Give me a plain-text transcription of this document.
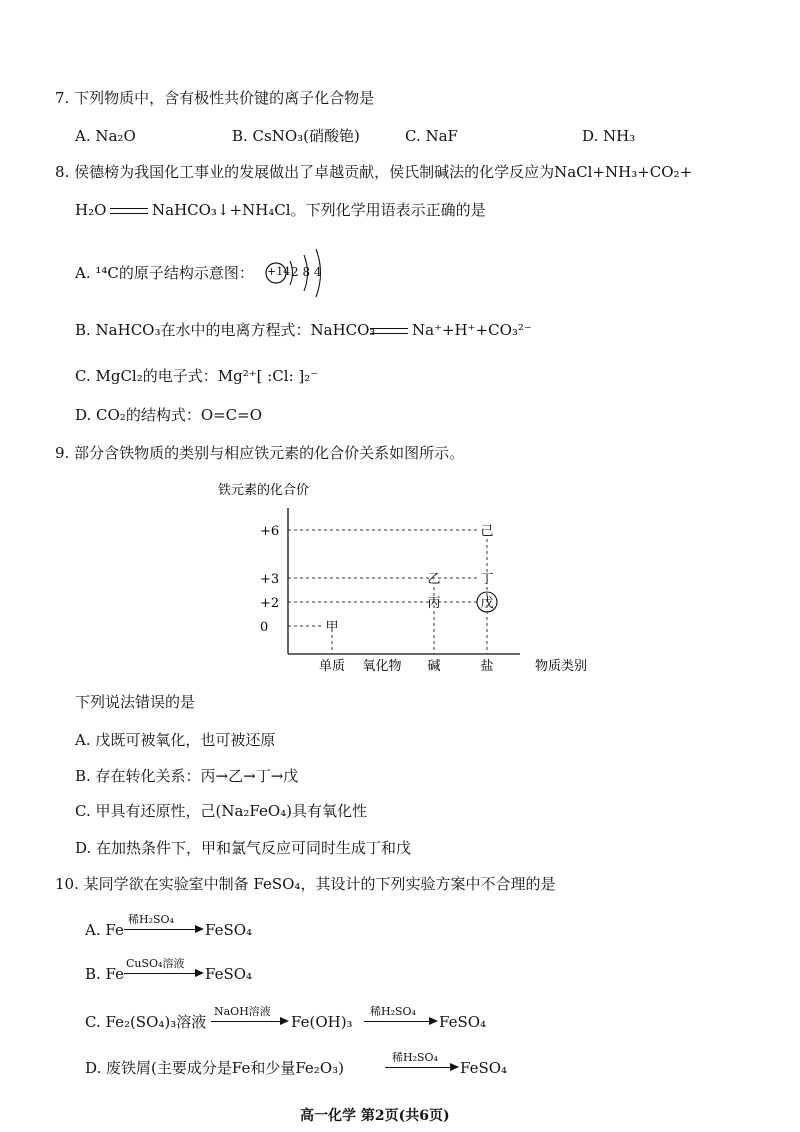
7. 下列物质中，含有极性共价键的离子化合物是
A. Na₂O	B. CsNO₃(硝酸铯)	C. NaF	D. NH₃
8. 侯德榜为我国化工事业的发展做出了卓越贡献，侯氏制碱法的化学反应为NaCl+NH₃+CO₂+
H₂O	NaHCO₃↓+NH₄Cl。下列化学用语表示正确的是
A. ¹⁴C的原子结构示意图： +14 2 8 4
B. NaHCO₃在水中的电离方程式：NaHCO₃ Na⁺+H⁺+CO₃²⁻
C. MgCl₂的电子式：Mg²⁺[ :Cl: ]₂⁻
D. CO₂的结构式：O=C=O
9. 部分含铁物质的类别与相应铁元素的化合价关系如图所示。
铁元素的化合价
+6
+3
+2
0
单质 氧化物 碱	盐
甲
乙
丙
丁
戊
己
物质类别
下列说法错误的是
A. 戊既可被氧化，也可被还原
B. 存在转化关系：丙→乙→丁→戊
C. 甲具有还原性，己(Na₂FeO₄)具有氧化性
D. 在加热条件下，甲和氯气反应可同时生成丁和戊
10. 某同学欲在实验室中制备 FeSO₄，其设计的下列实验方案中不合理的是
A. Fe
稀H₂SO₄
FeSO₄
B. Fe
CuSO₄溶液
FeSO₄
C. Fe₂(SO₄)₃溶液
NaOH溶液
Fe(OH)₃
稀H₂SO₄
FeSO₄
D. 废铁屑(主要成分是Fe和少量Fe₂O₃)
稀H₂SO₄
FeSO₄
高一化学 第2页(共6页)
